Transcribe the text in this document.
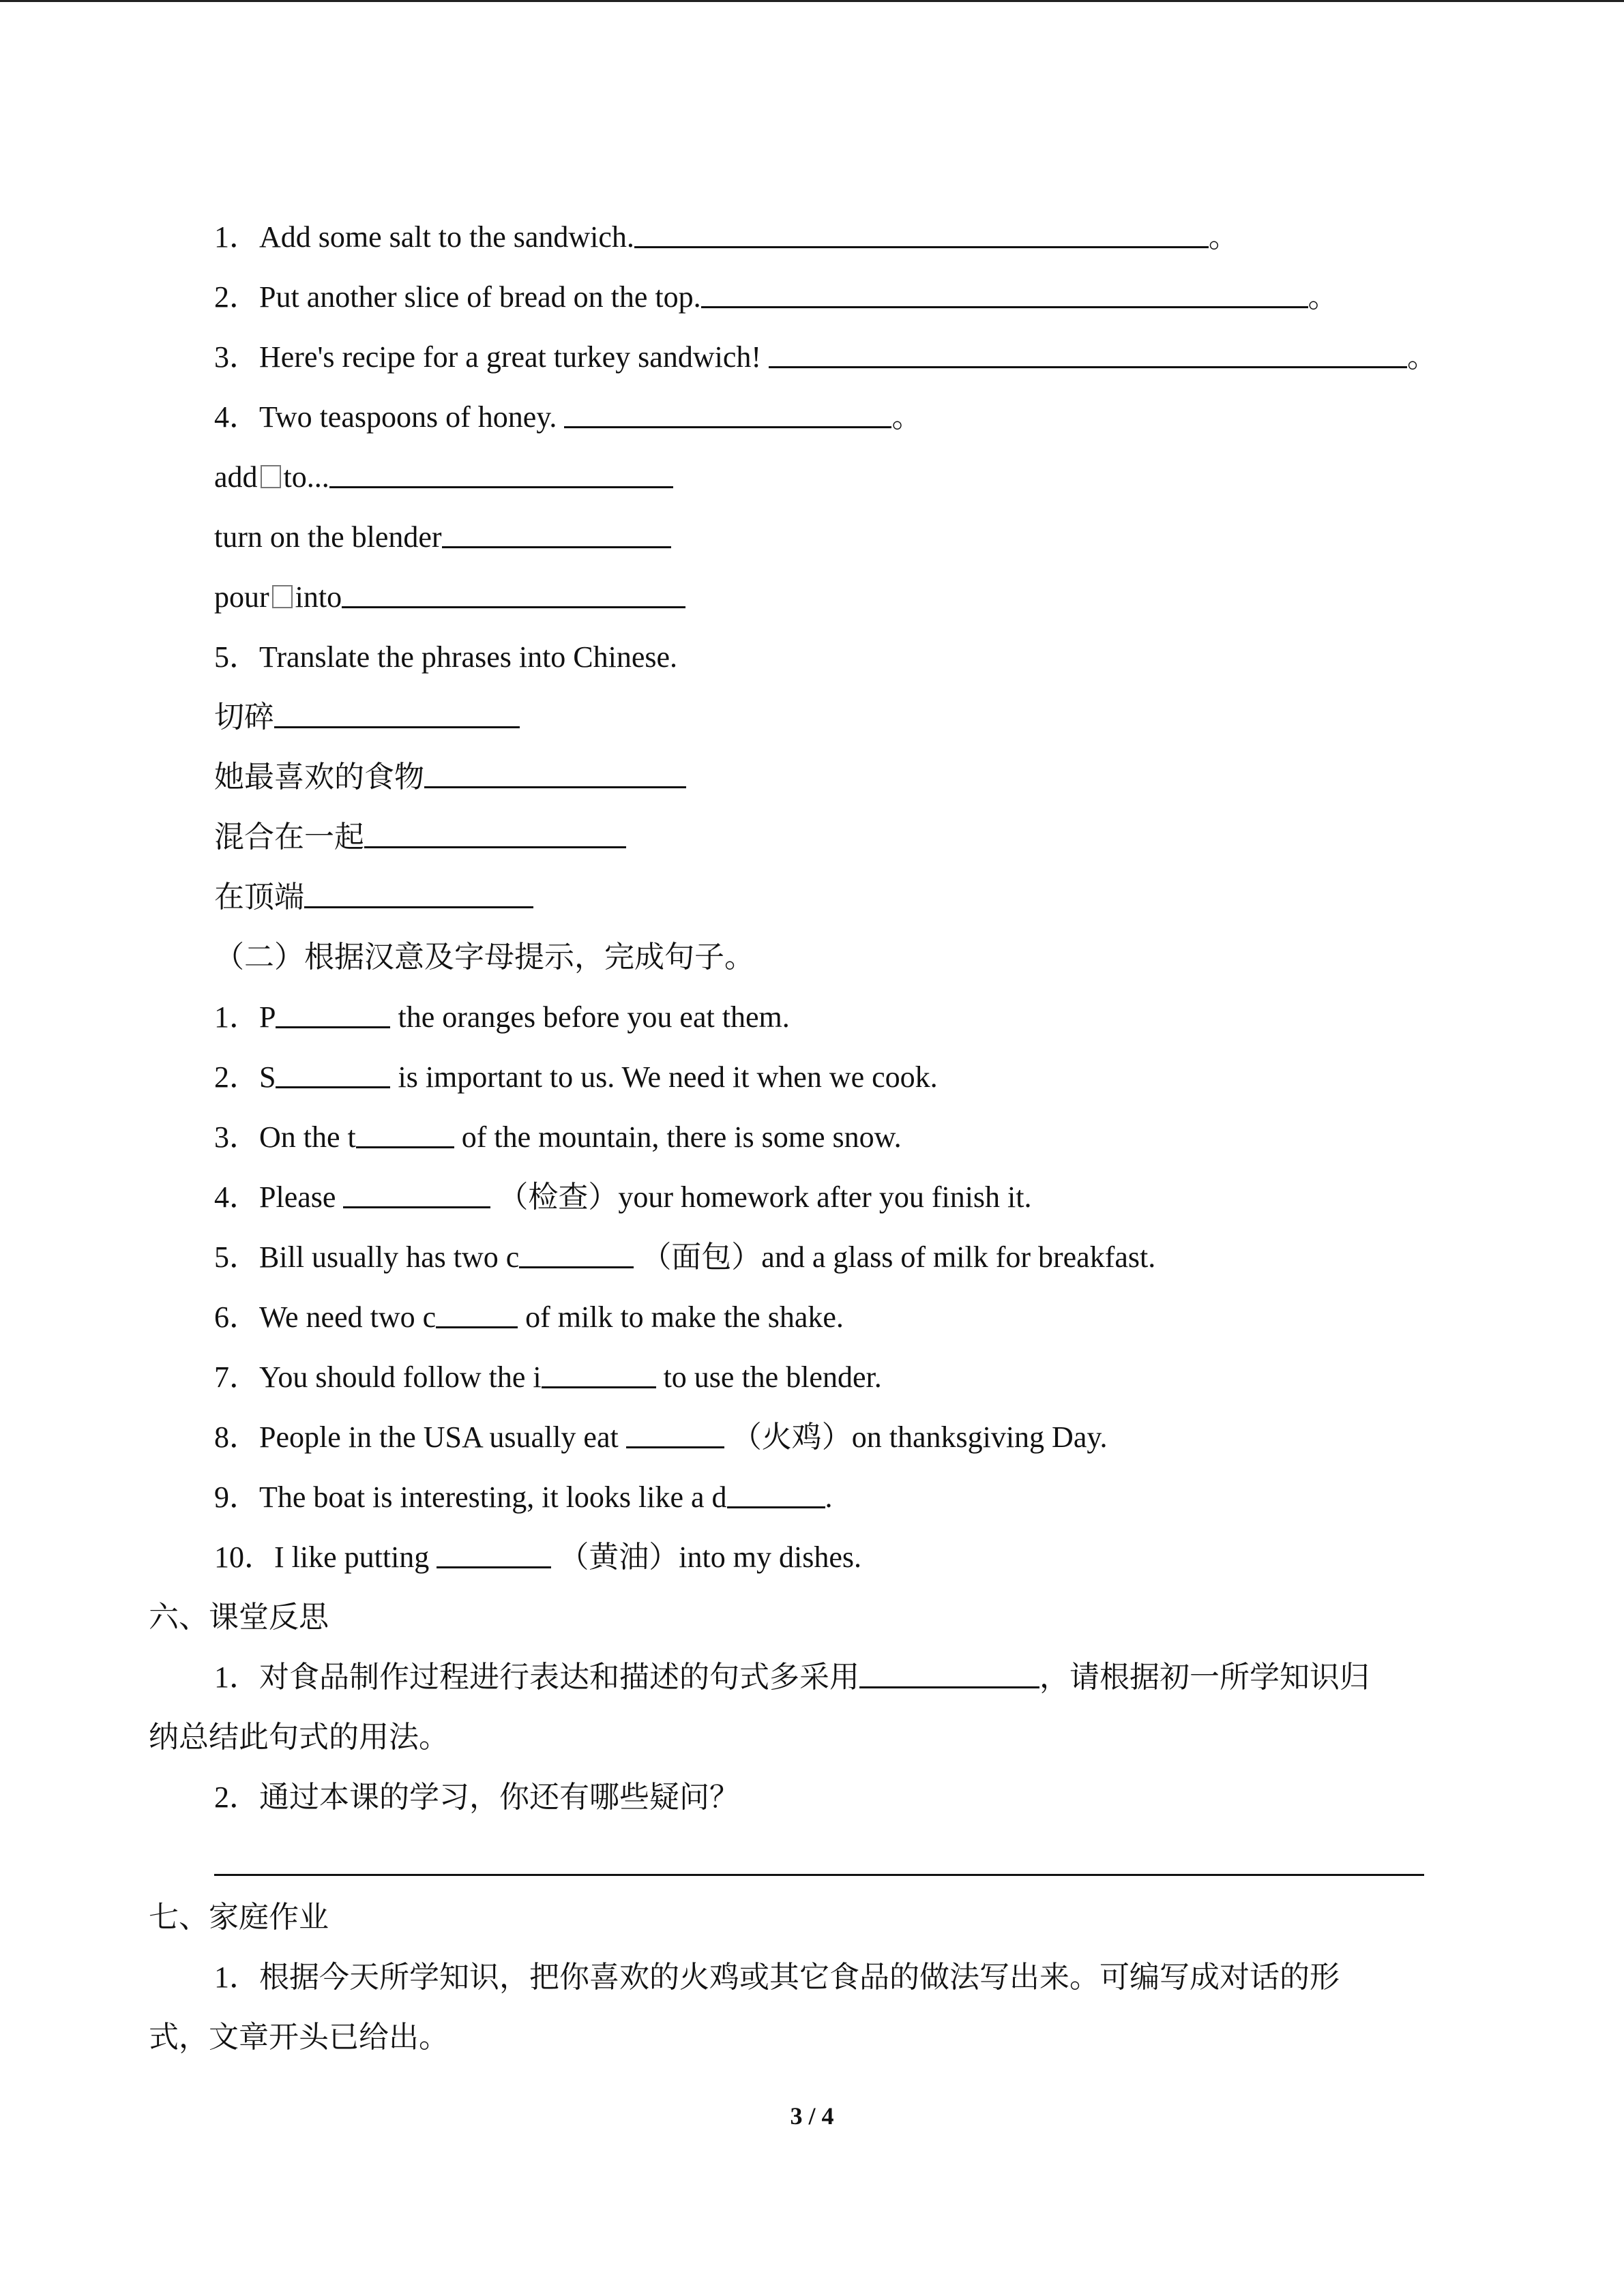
1．Add some salt to the sandwich.	。
2．Put another slice of bread on the top.	。
3．Here's recipe for a great turkey sandwich!	。
4．Two teaspoons of honey.	。
add to...
turn on the blender
pour into
5．Translate the phrases into Chinese.
切碎
她最喜欢的食物
混合在一起
在顶端
（二）根据汉意及字母提示，完成句子。
1．P	the oranges before you eat them.
2．S	is important to us. We need it when we cook.
3．On the t	of the mountain, there is some snow.
4．Please	（检查）your homework after you finish it.
5．Bill usually has two c	（面包）and a glass of milk for breakfast.
6．We need two c	of milk to make the shake.
7．You should follow the i	to use the blender.
8．People in the USA usually eat	（火鸡）on thanksgiving Day.
9．The boat is interesting, it looks like a d	.
10．I like putting	（黄油）into my dishes.
六、课堂反思
1．对食品制作过程进行表达和描述的句式多采用	，请根据初一所学知识归
纳总结此句式的用法。
2．通过本课的学习，你还有哪些疑问？
七、家庭作业
1．根据今天所学知识，把你喜欢的火鸡或其它食品的做法写出来。可编写成对话的形
式，文章开头已给出。
3 / 4
